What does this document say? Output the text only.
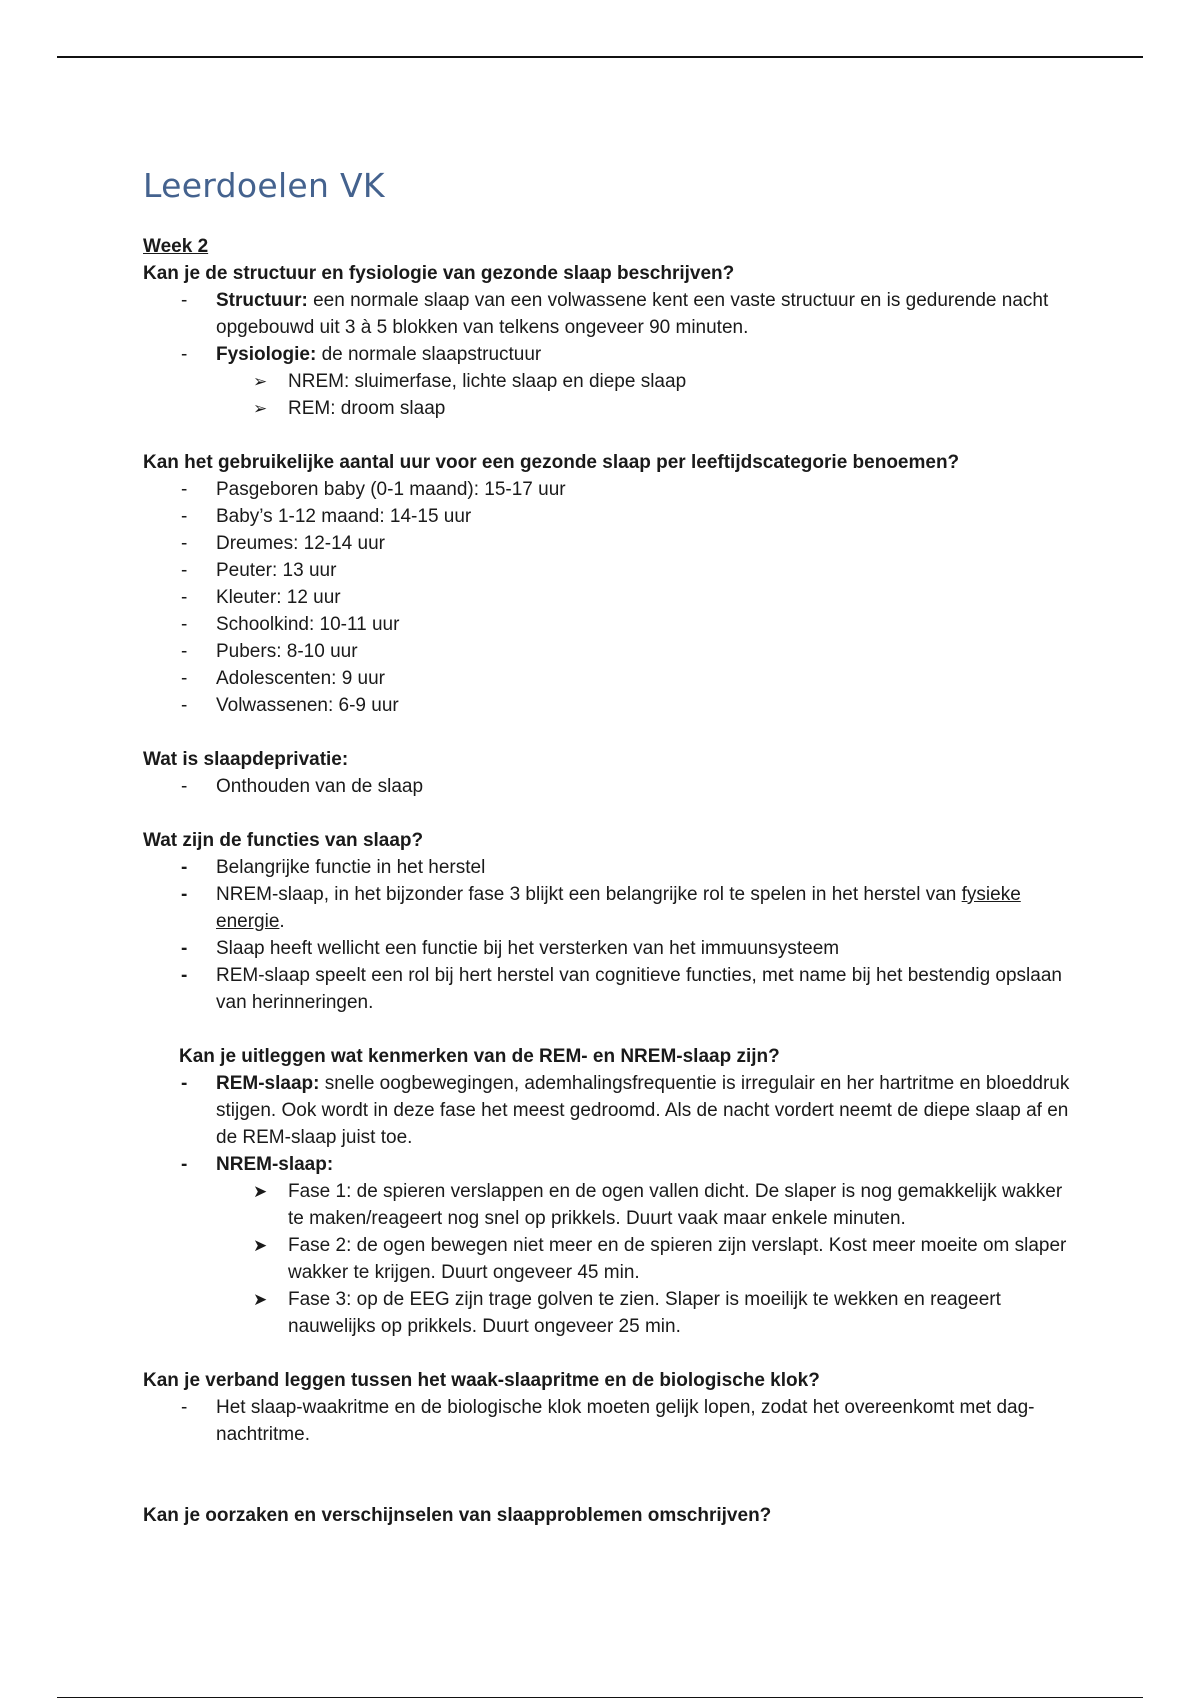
Leerdoelen VK
Week 2
Kan je de structuur en fysiologie van gezonde slaap beschrijven?
- Structuur: een normale slaap van een volwassene kent een vaste structuur en is gedurende nacht opgebouwd uit 3 à 5 blokken van telkens ongeveer 90 minuten.
- Fysiologie: de normale slaapstructuur
➢ NREM: sluimerfase, lichte slaap en diepe slaap
➢ REM: droom slaap
Kan het gebruikelijke aantal uur voor een gezonde slaap per leeftijdscategorie benoemen?
- Pasgeboren baby (0-1 maand): 15-17 uur
- Baby’s 1-12 maand: 14-15 uur
- Dreumes: 12-14 uur
- Peuter: 13 uur
- Kleuter: 12 uur
- Schoolkind: 10-11 uur
- Pubers: 8-10 uur
- Adolescenten: 9 uur
- Volwassenen: 6-9 uur
Wat is slaapdeprivatie:
- Onthouden van de slaap
Wat zijn de functies van slaap?
- Belangrijke functie in het herstel
- NREM-slaap, in het bijzonder fase 3 blijkt een belangrijke rol te spelen in het herstel van fysieke energie.
- Slaap heeft wellicht een functie bij het versterken van het immuunsysteem
- REM-slaap speelt een rol bij hert herstel van cognitieve functies, met name bij het bestendig opslaan van herinneringen.
Kan je uitleggen wat kenmerken van de REM- en NREM-slaap zijn?
- REM-slaap: snelle oogbewegingen, ademhalingsfrequentie is irregulair en her hartritme en bloeddruk stijgen. Ook wordt in deze fase het meest gedroomd. Als de nacht vordert neemt de diepe slaap af en de REM-slaap juist toe.
- NREM-slaap:
➤ Fase 1: de spieren verslappen en de ogen vallen dicht. De slaper is nog gemakkelijk wakker te maken/reageert nog snel op prikkels. Duurt vaak maar enkele minuten.
➤ Fase 2: de ogen bewegen niet meer en de spieren zijn verslapt. Kost meer moeite om slaper wakker te krijgen. Duurt ongeveer 45 min.
➤ Fase 3: op de EEG zijn trage golven te zien. Slaper is moeilijk te wekken en reageert nauwelijks op prikkels. Duurt ongeveer 25 min.
Kan je verband leggen tussen het waak-slaapritme en de biologische klok?
- Het slaap-waakritme en de biologische klok moeten gelijk lopen, zodat het overeenkomt met dag-nachtritme.
Kan je oorzaken en verschijnselen van slaapproblemen omschrijven?
